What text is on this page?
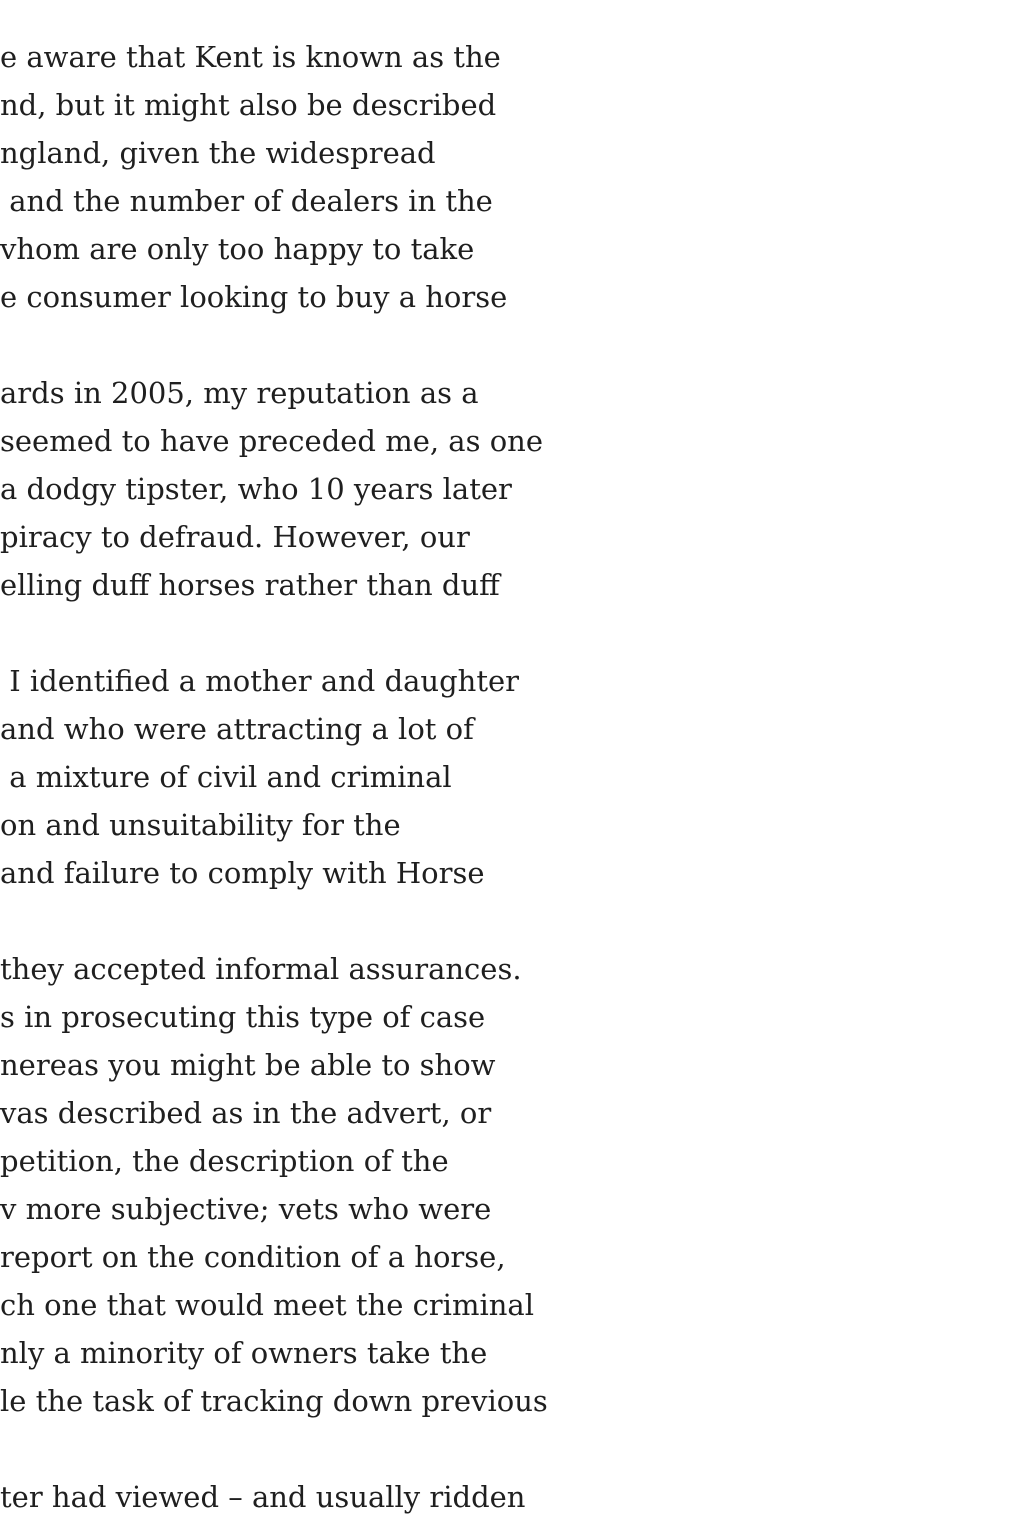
e aware that Kent is known as the
nd, but it might also be described
ngland, given the widespread
and the number of dealers in the
vhom are only too happy to take
e consumer looking to buy a horse
ards in 2005, my reputation as a
seemed to have preceded me, as one
a dodgy tipster, who 10 years later
piracy to defraud. However, our
elling duff horses rather than duff
I identified a mother and daughter
and who were attracting a lot of
a mixture of civil and criminal
on and unsuitability for the
and failure to comply with Horse
they accepted informal assurances.
s in prosecuting this type of case
nereas you might be able to show
vas described as in the advert, or
petition, the description of the
v more subjective; vets who were
report on the condition of a horse,
ch one that would meet the criminal
nly a minority of owners take the
le the task of tracking down previous
ter had viewed – and usually ridden
